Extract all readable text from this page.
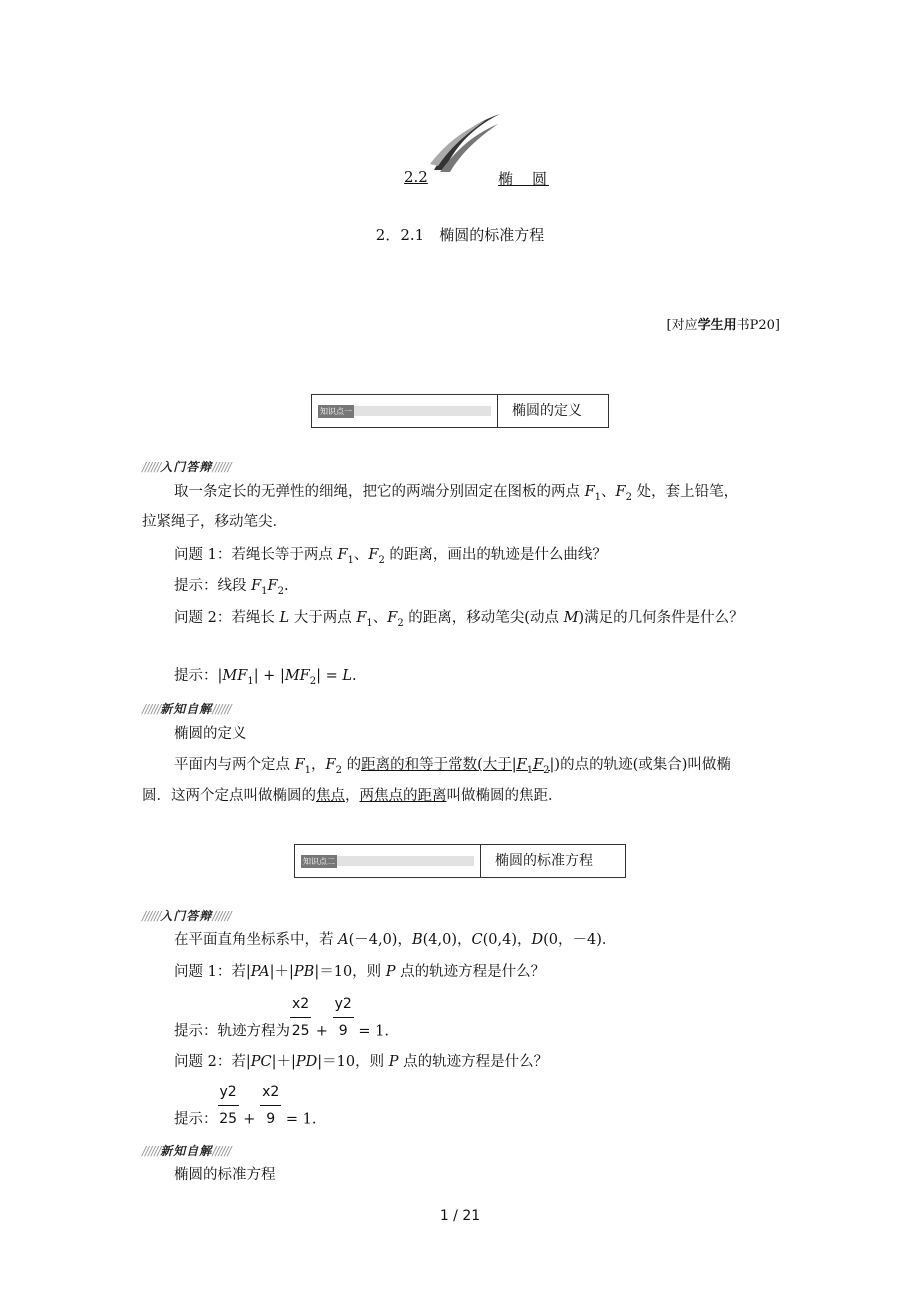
2.2	椭　圆
2．2.1　椭圆的标准方程
[对应学生用书P20]
知识点一	椭圆的定义
//////入门答辩//////
取一条定长的无弹性的细绳，把它的两端分别固定在图板的两点 $F_1$、$F_2$ 处，套上铅笔，
拉紧绳子，移动笔尖．
问题 1：若绳长等于两点 $F_1$、$F_2$ 的距离，画出的轨迹是什么曲线？
提示：线段 $F_1F_2$.
问题 2：若绳长 L 大于两点 $F_1$、$F_2$ 的距离，移动笔尖(动点 M)满足的几何条件是什么？
提示：$|MF_1| + |MF_2| = L$.
//////新知自解//////
椭圆的定义
平面内与两个定点 $F_1$，$F_2$ 的距离的和等于常数(大于$|F_1F_2|$)的点的轨迹(或集合)叫做椭
圆．这两个定点叫做椭圆的焦点，两焦点的距离叫做椭圆的焦距．
知识点二	椭圆的标准方程
//////入门答辩//////
在平面直角坐标系中，若 A(－4,0)，B(4,0)，C(0,4)，D(0，－4)．
问题 1：若|PA|＋|PB|＝10，则 P 点的轨迹方程是什么？
提示：轨迹方程为 $\frac{x2}{25} + \frac{y2}{9} = 1$.
问题 2：若|PC|＋|PD|＝10，则 P 点的轨迹方程是什么？
提示： $\frac{y2}{25} + \frac{x2}{9} = 1$.
//////新知自解//////
椭圆的标准方程
1 / 21
